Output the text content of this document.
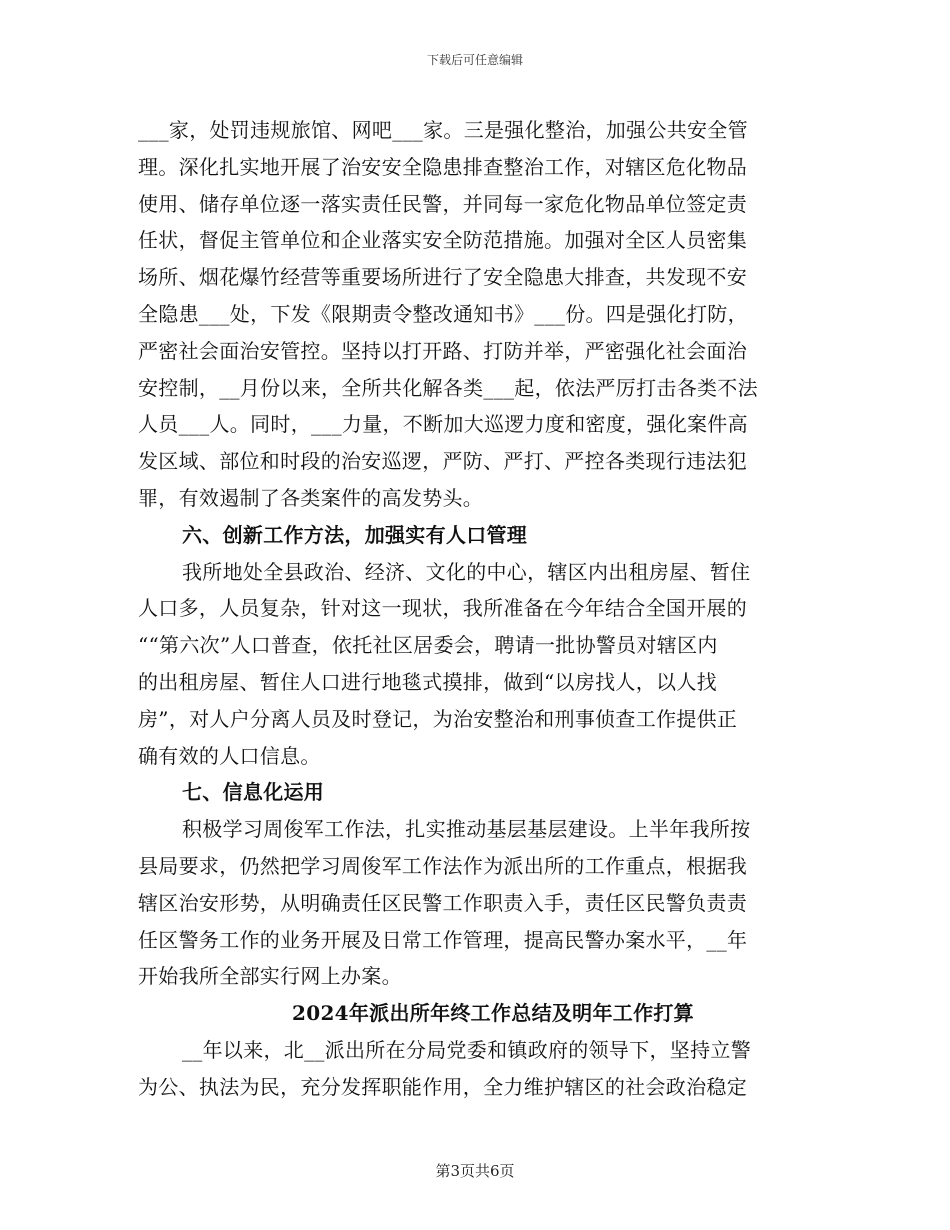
下载后可任意编辑
___家，处罚违规旅馆、网吧___家。三是强化整治，加强公共安全管
理。深化扎实地开展了治安安全隐患排查整治工作，对辖区危化物品
使用、储存单位逐一落实责任民警，并同每一家危化物品单位签定责
任状，督促主管单位和企业落实安全防范措施。加强对全区人员密集
场所、烟花爆竹经营等重要场所进行了安全隐患大排查，共发现不安
全隐患___处，下发《限期责令整改通知书》___份。四是强化打防，
严密社会面治安管控。坚持以打开路、打防并举，严密强化社会面治
安控制，__月份以来，全所共化解各类___起，依法严厉打击各类不法
人员___人。同时，___力量，不断加大巡逻力度和密度，强化案件高
发区域、部位和时段的治安巡逻，严防、严打、严控各类现行违法犯
罪，有效遏制了各类案件的高发势头。
六、创新工作方法，加强实有人口管理
我所地处全县政治、经济、文化的中心，辖区内出租房屋、暂住
人口多，人员复杂，针对这一现状，我所准备在今年结合全国开展的
““第六次”人口普查，依托社区居委会，聘请一批协警员对辖区内
的出租房屋、暂住人口进行地毯式摸排，做到“以房找人，以人找
房”，对人户分离人员及时登记，为治安整治和刑事侦查工作提供正
确有效的人口信息。
七、信息化运用
积极学习周俊军工作法，扎实推动基层基层建设。上半年我所按
县局要求，仍然把学习周俊军工作法作为派出所的工作重点，根据我
辖区治安形势，从明确责任区民警工作职责入手，责任区民警负责责
任区警务工作的业务开展及日常工作管理，提高民警办案水平，__年
开始我所全部实行网上办案。
2024年派出所年终工作总结及明年工作打算
__年以来，北__派出所在分局党委和镇政府的领导下，坚持立警
为公、执法为民，充分发挥职能作用，全力维护辖区的社会政治稳定
第3页共6页
